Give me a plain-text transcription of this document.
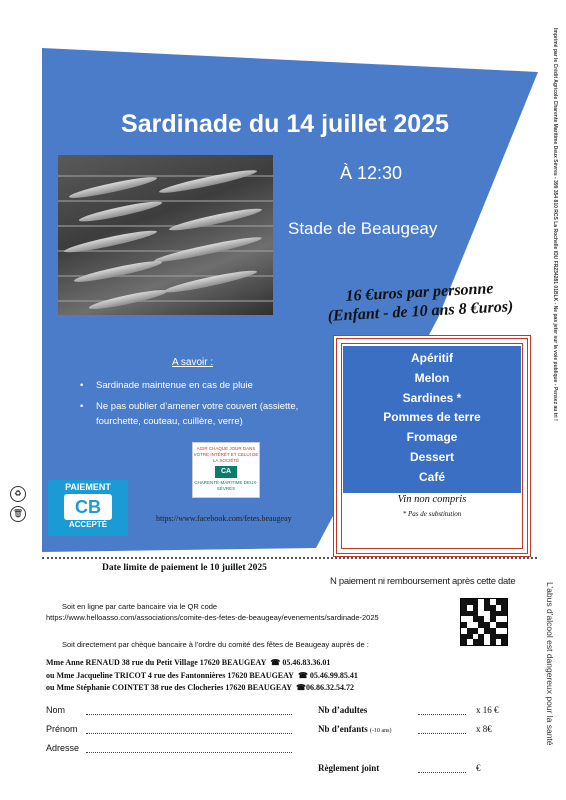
Sardinade du 14 juillet 2025
À 12:30
Stade de Beaugeay
16 €uros par personne
(Enfant - de 10 ans 8 €uros)
A savoir :
• Sardinade maintenue en cas de pluie
• Ne pas oublier d’amener votre couvert (assiette, fourchette, couteau, cuillère, verre)
AGIR CHAQUE JOUR DANS VOTRE INTÉRÊT ET CELUI DE LA SOCIÉTÉ
CA
CHARENTE-MARITIME DEUX-SÈVRES
♻
🗑
PAIEMENT
CB
ACCEPTÉ
https://www.facebook.com/fetes.beaugeay
Apéritif
Melon
Sardines *
Pommes de terre
Fromage
Dessert
Café
Vin non compris
* Pas de substitution
Imprimé par le Crédit Agricole Charente Maritime Deux Sèvres - 399 354 810 RCS La Rochelle IDU FR234281 01BLK - Ne pas jeter sur la voie publique - Pensez au tri !
Date limite de paiement le 10 juillet 2025
N paiement ni remboursement après cette date
L’abus d’alcool est dangereux pour la santé
Soit en ligne par carte bancaire via le QR code
https://www.helloasso.com/associations/comite-des-fetes-de-beaugeay/evenements/sardinade-2025
Soit directement par chèque bancaire à l’ordre du comité des fêtes de Beaugeay auprès de :
Mme Anne RENAUD 38 rue du Petit Village 17620 BEAUGEAY ☎ 05.46.83.36.01
ou Mme Jacqueline TRICOT 4 rue des Fantonnières 17620 BEAUGEAY ☎ 05.46.99.85.41
ou Mme Stéphanie COINTET 38 rue des Clocheries 17620 BEAUGEAY ☎06.86.32.54.72
Nom
Prénom
Adresse
Nb d’adultes	x 16 €
Nb d’enfants (-10 ans)	x 8€
Règlement joint	€
